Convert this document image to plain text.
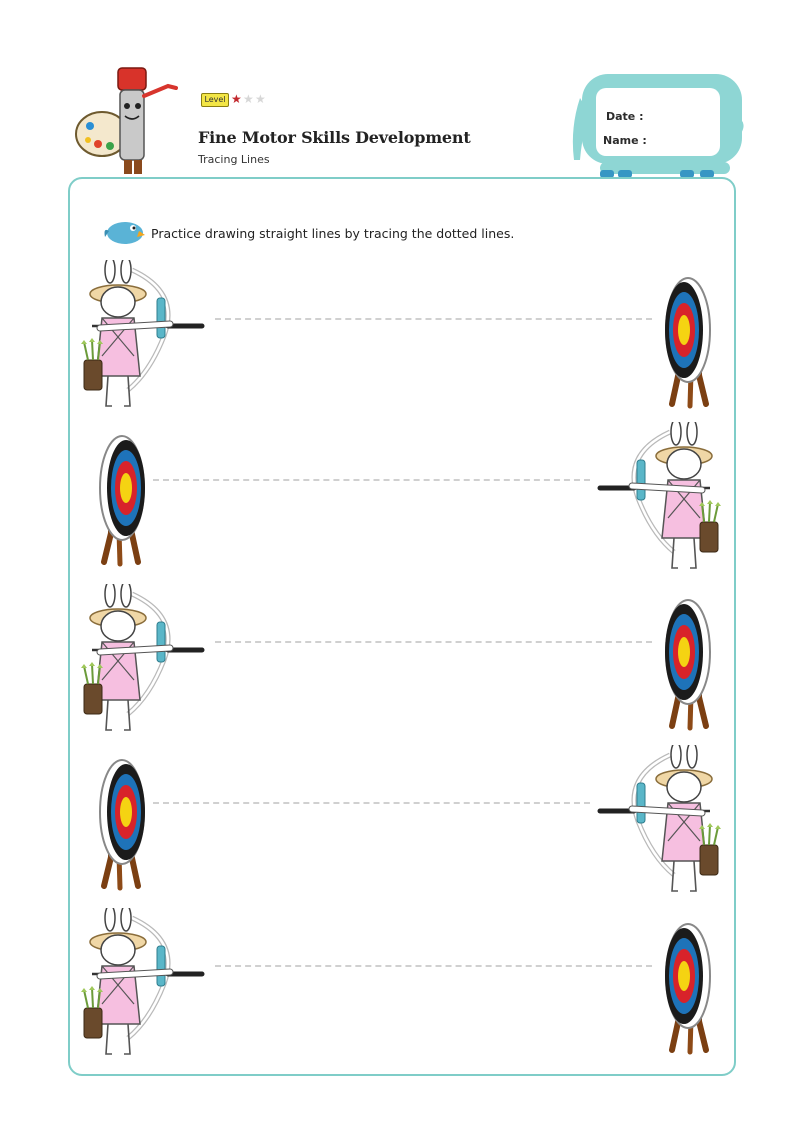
Level ★ ★ ★
Fine Motor Skills Development
Tracing Lines
Date :
Name :
Practice drawing straight lines by tracing the dotted lines.
